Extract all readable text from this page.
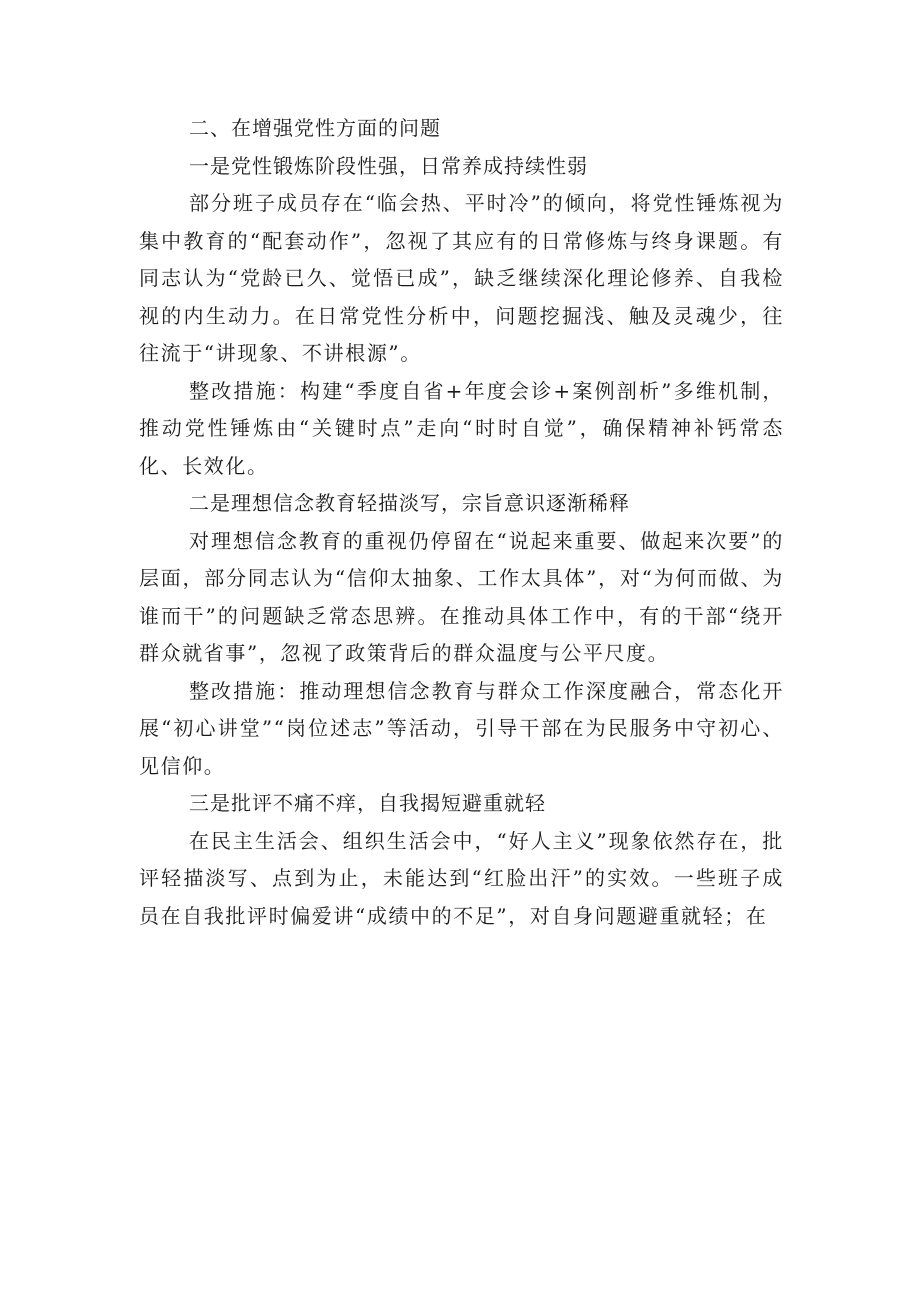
二、在增强党性方面的问题

一是党性锻炼阶段性强，日常养成持续性弱

部分班子成员存在“临会热、平时冷”的倾向，将党性锤炼视为集中教育的“配套动作”，忽视了其应有的日常修炼与终身课题。有同志认为“党龄已久、觉悟已成”，缺乏继续深化理论修养、自我检视的内生动力。在日常党性分析中，问题挖掘浅、触及灵魂少，往往流于“讲现象、不讲根源”。

整改措施：构建“季度自省+年度会诊+案例剖析”多维机制，推动党性锤炼由“关键时点”走向“时时自觉”，确保精神补钙常态化、长效化。

二是理想信念教育轻描淡写，宗旨意识逐渐稀释

对理想信念教育的重视仍停留在“说起来重要、做起来次要”的层面，部分同志认为“信仰太抽象、工作太具体”，对“为何而做、为谁而干”的问题缺乏常态思辨。在推动具体工作中，有的干部“绕开群众就省事”，忽视了政策背后的群众温度与公平尺度。

整改措施：推动理想信念教育与群众工作深度融合，常态化开展“初心讲堂”“岗位述志”等活动，引导干部在为民服务中守初心、见信仰。

三是批评不痛不痒，自我揭短避重就轻

在民主生活会、组织生活会中，“好人主义”现象依然存在，批评轻描淡写、点到为止，未能达到“红脸出汗”的实效。一些班子成员在自我批评时偏爱讲“成绩中的不足”，对自身问题避重就轻；在
